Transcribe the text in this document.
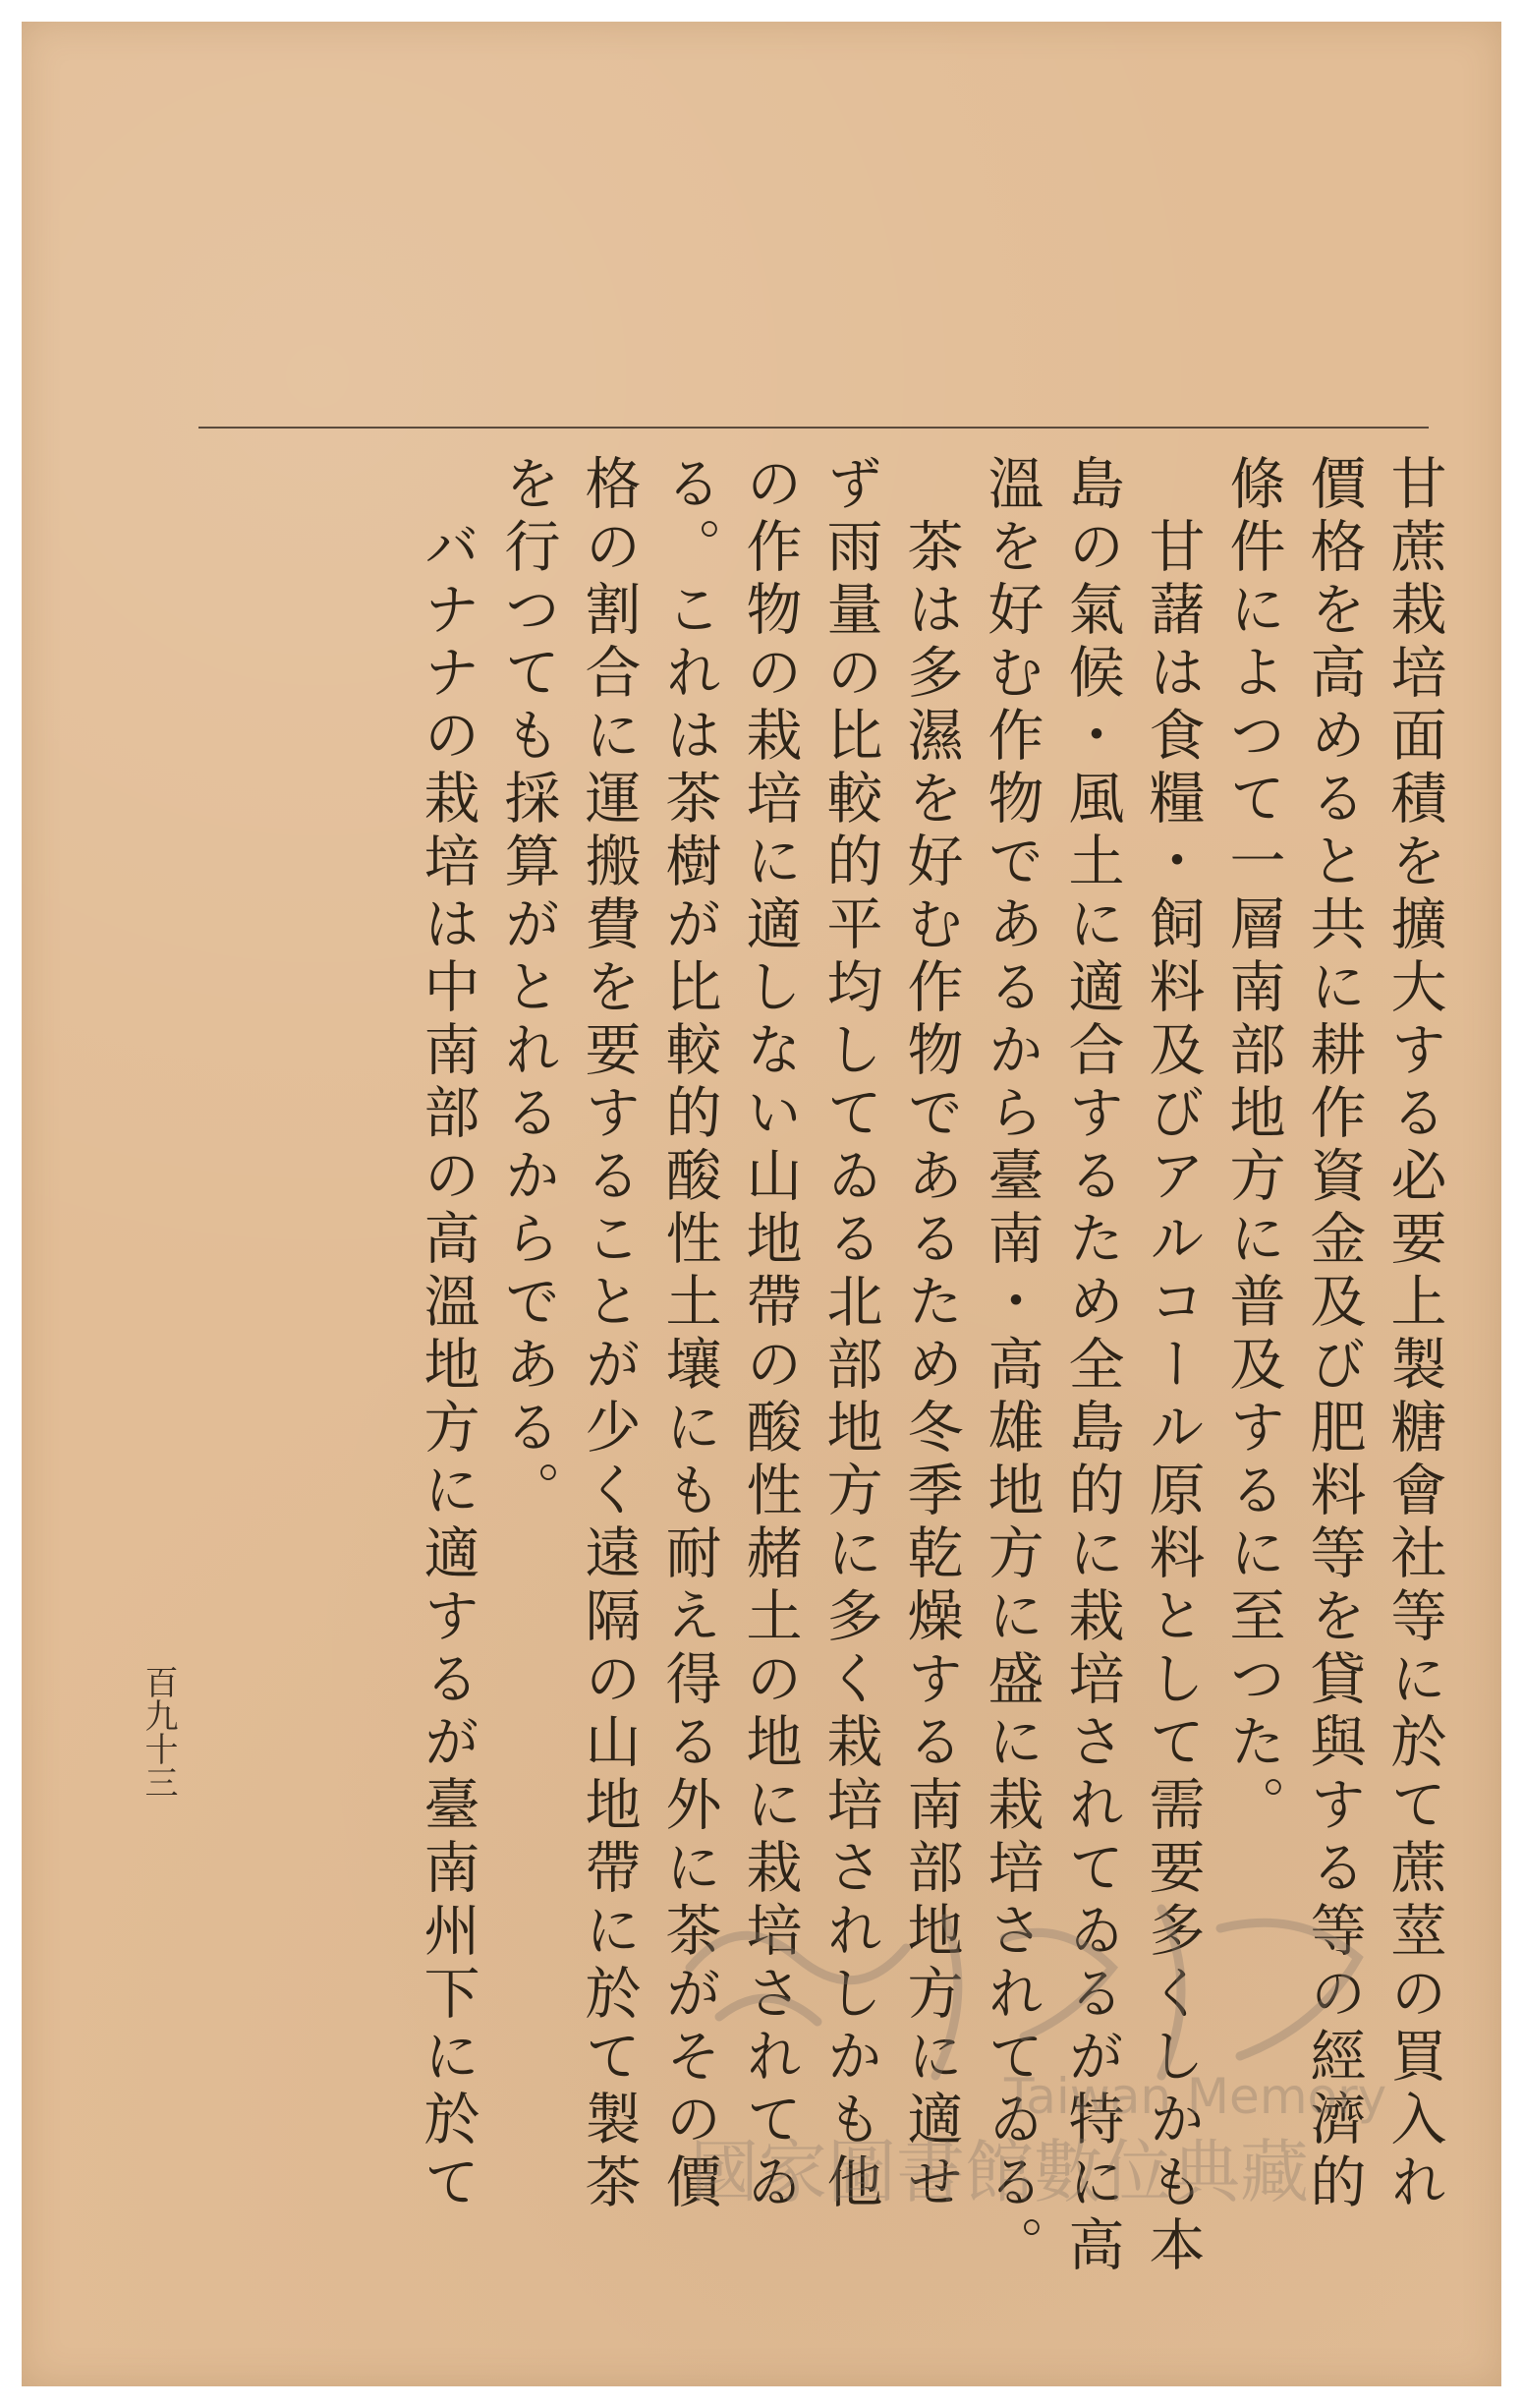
甘蔗栽培面積を擴大する必要上製糖會社等に於て蔗莖の買入れ
價格を高めると共に耕作資金及び肥料等を貸與する等の經濟的
條件によつて一層南部地方に普及するに至つた。
　甘藷は食糧・飼料及びアルコール原料として需要多くしかも本
島の氣候・風土に適合するため全島的に栽培されてゐるが特に高
溫を好む作物であるから臺南・高雄地方に盛に栽培されてゐる。
　茶は多濕を好む作物であるため冬季乾燥する南部地方に適せ
ず雨量の比較的平均してゐる北部地方に多く栽培されしかも他
の作物の栽培に適しない山地帶の酸性赭土の地に栽培されてゐ
る。これは茶樹が比較的酸性土壤にも耐え得る外に茶がその價
格の割合に運搬費を要することが少く遠隔の山地帶に於て製茶
を行つても採算がとれるからである。
　バナナの栽培は中南部の高溫地方に適するが臺南州下に於て
百九十三
Taiwan Memory
國家圖書館數位典藏
